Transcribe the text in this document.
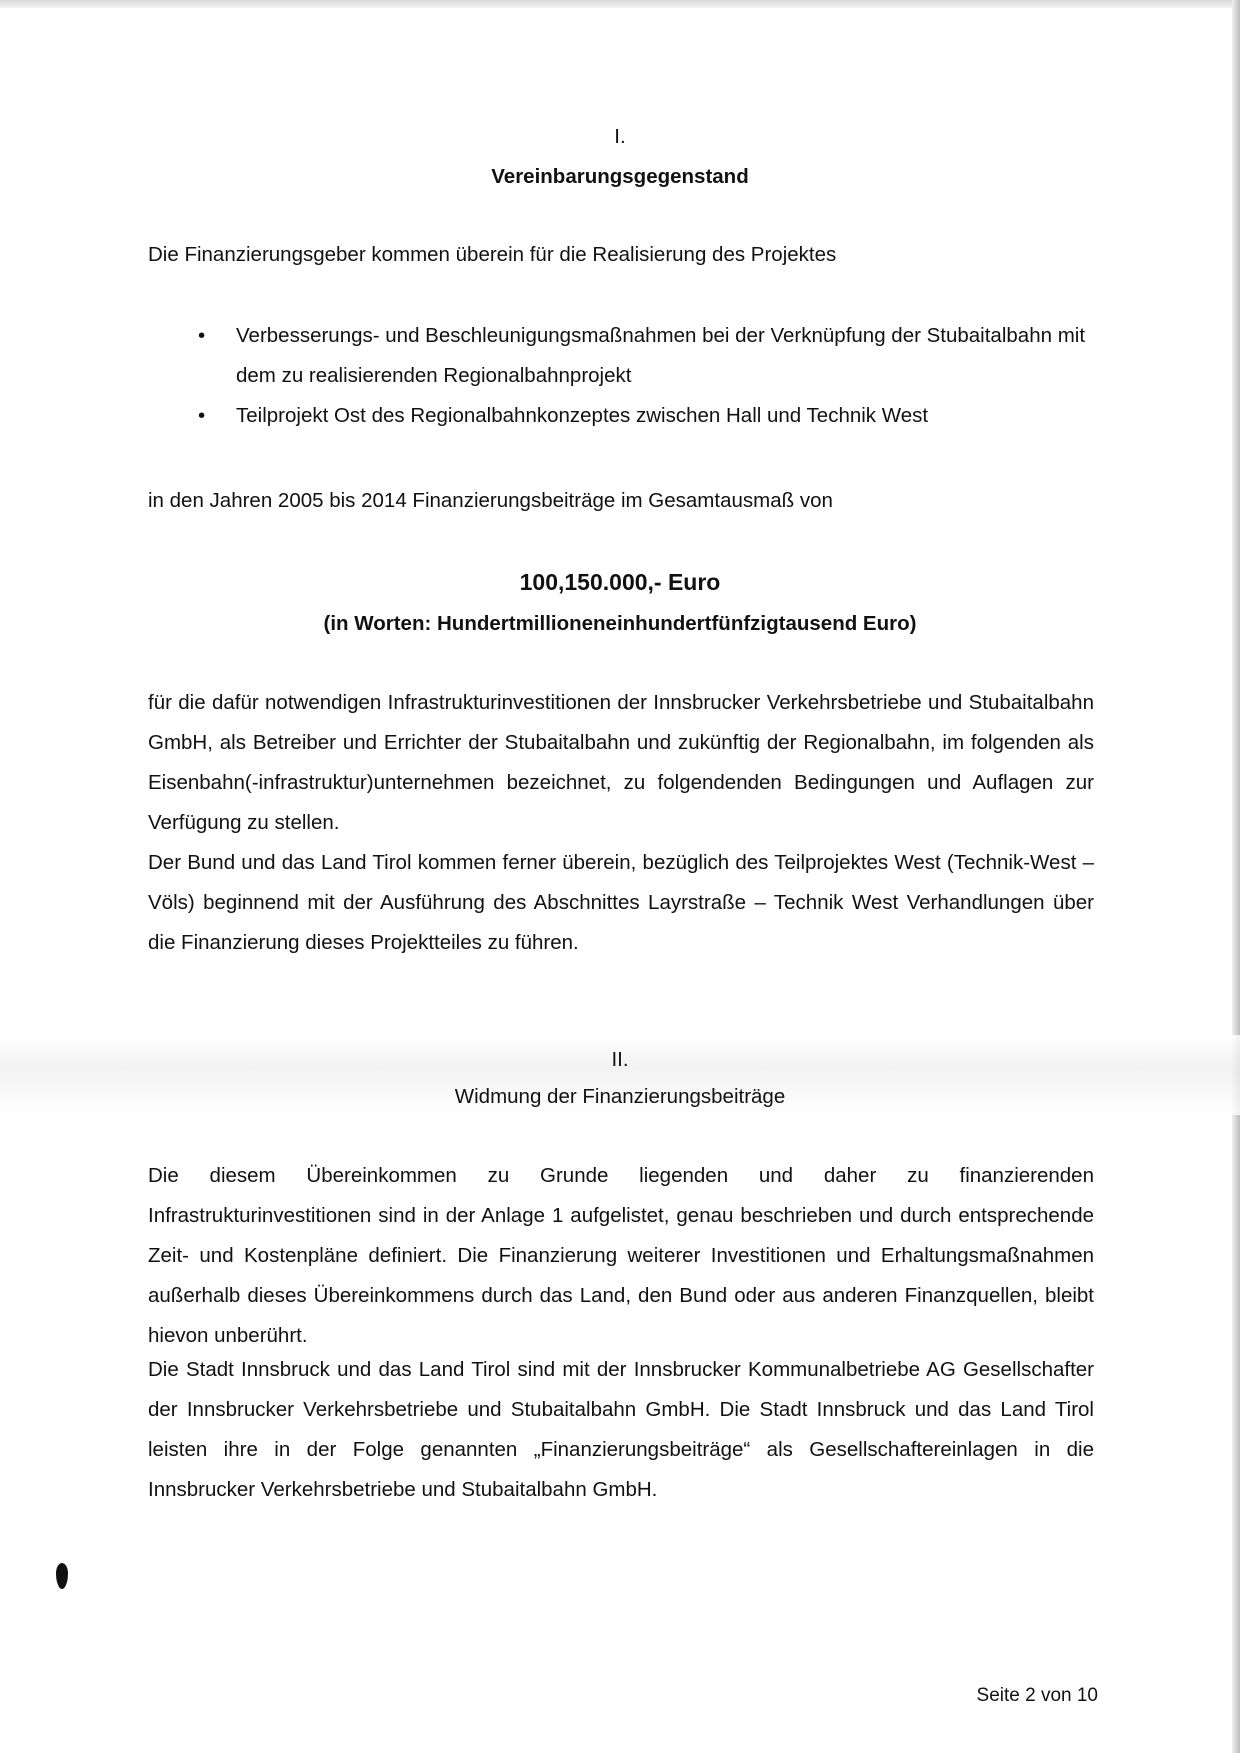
I.
Vereinbarungsgegenstand

Die Finanzierungsgeber kommen überein für die Realisierung des Projektes

• Verbesserungs- und Beschleunigungsmaßnahmen bei der Verknüpfung der Stubaitalbahn mit dem zu realisierenden Regionalbahnprojekt
• Teilprojekt Ost des Regionalbahnkonzeptes zwischen Hall und Technik West

in den Jahren 2005 bis 2014 Finanzierungsbeiträge im Gesamtausmaß von

100,150.000,- Euro
(in Worten: Hundertmillioneneinhundertfünfzigtausend Euro)

für die dafür notwendigen Infrastrukturinvestitionen der Innsbrucker Verkehrsbetriebe und Stubaitalbahn GmbH, als Betreiber und Errichter der Stubaitalbahn und zukünftig der Regionalbahn, im folgenden als Eisenbahn(-infrastruktur)unternehmen bezeichnet, zu folgendenden Bedingungen und Auflagen zur Verfügung zu stellen.

Der Bund und das Land Tirol kommen ferner überein, bezüglich des Teilprojektes West (Technik-West – Völs) beginnend mit der Ausführung des Abschnittes Layrstraße – Technik West Verhandlungen über die Finanzierung dieses Projektteiles zu führen.

II.
Widmung der Finanzierungsbeiträge

Die diesem Übereinkommen zu Grunde liegenden und daher zu finanzierenden Infrastrukturinvestitionen sind in der Anlage 1 aufgelistet, genau beschrieben und durch entsprechende Zeit- und Kostenpläne definiert. Die Finanzierung weiterer Investitionen und Erhaltungsmaßnahmen außerhalb dieses Übereinkommens durch das Land, den Bund oder aus anderen Finanzquellen, bleibt hievon unberührt.

Die Stadt Innsbruck und das Land Tirol sind mit der Innsbrucker Kommunalbetriebe AG Gesellschafter der Innsbrucker Verkehrsbetriebe und Stubaitalbahn GmbH. Die Stadt Innsbruck und das Land Tirol leisten ihre in der Folge genannten „Finanzierungsbeiträge“ als Gesellschaftereinlagen in die Innsbrucker Verkehrsbetriebe und Stubaitalbahn GmbH.

Seite 2 von 10
